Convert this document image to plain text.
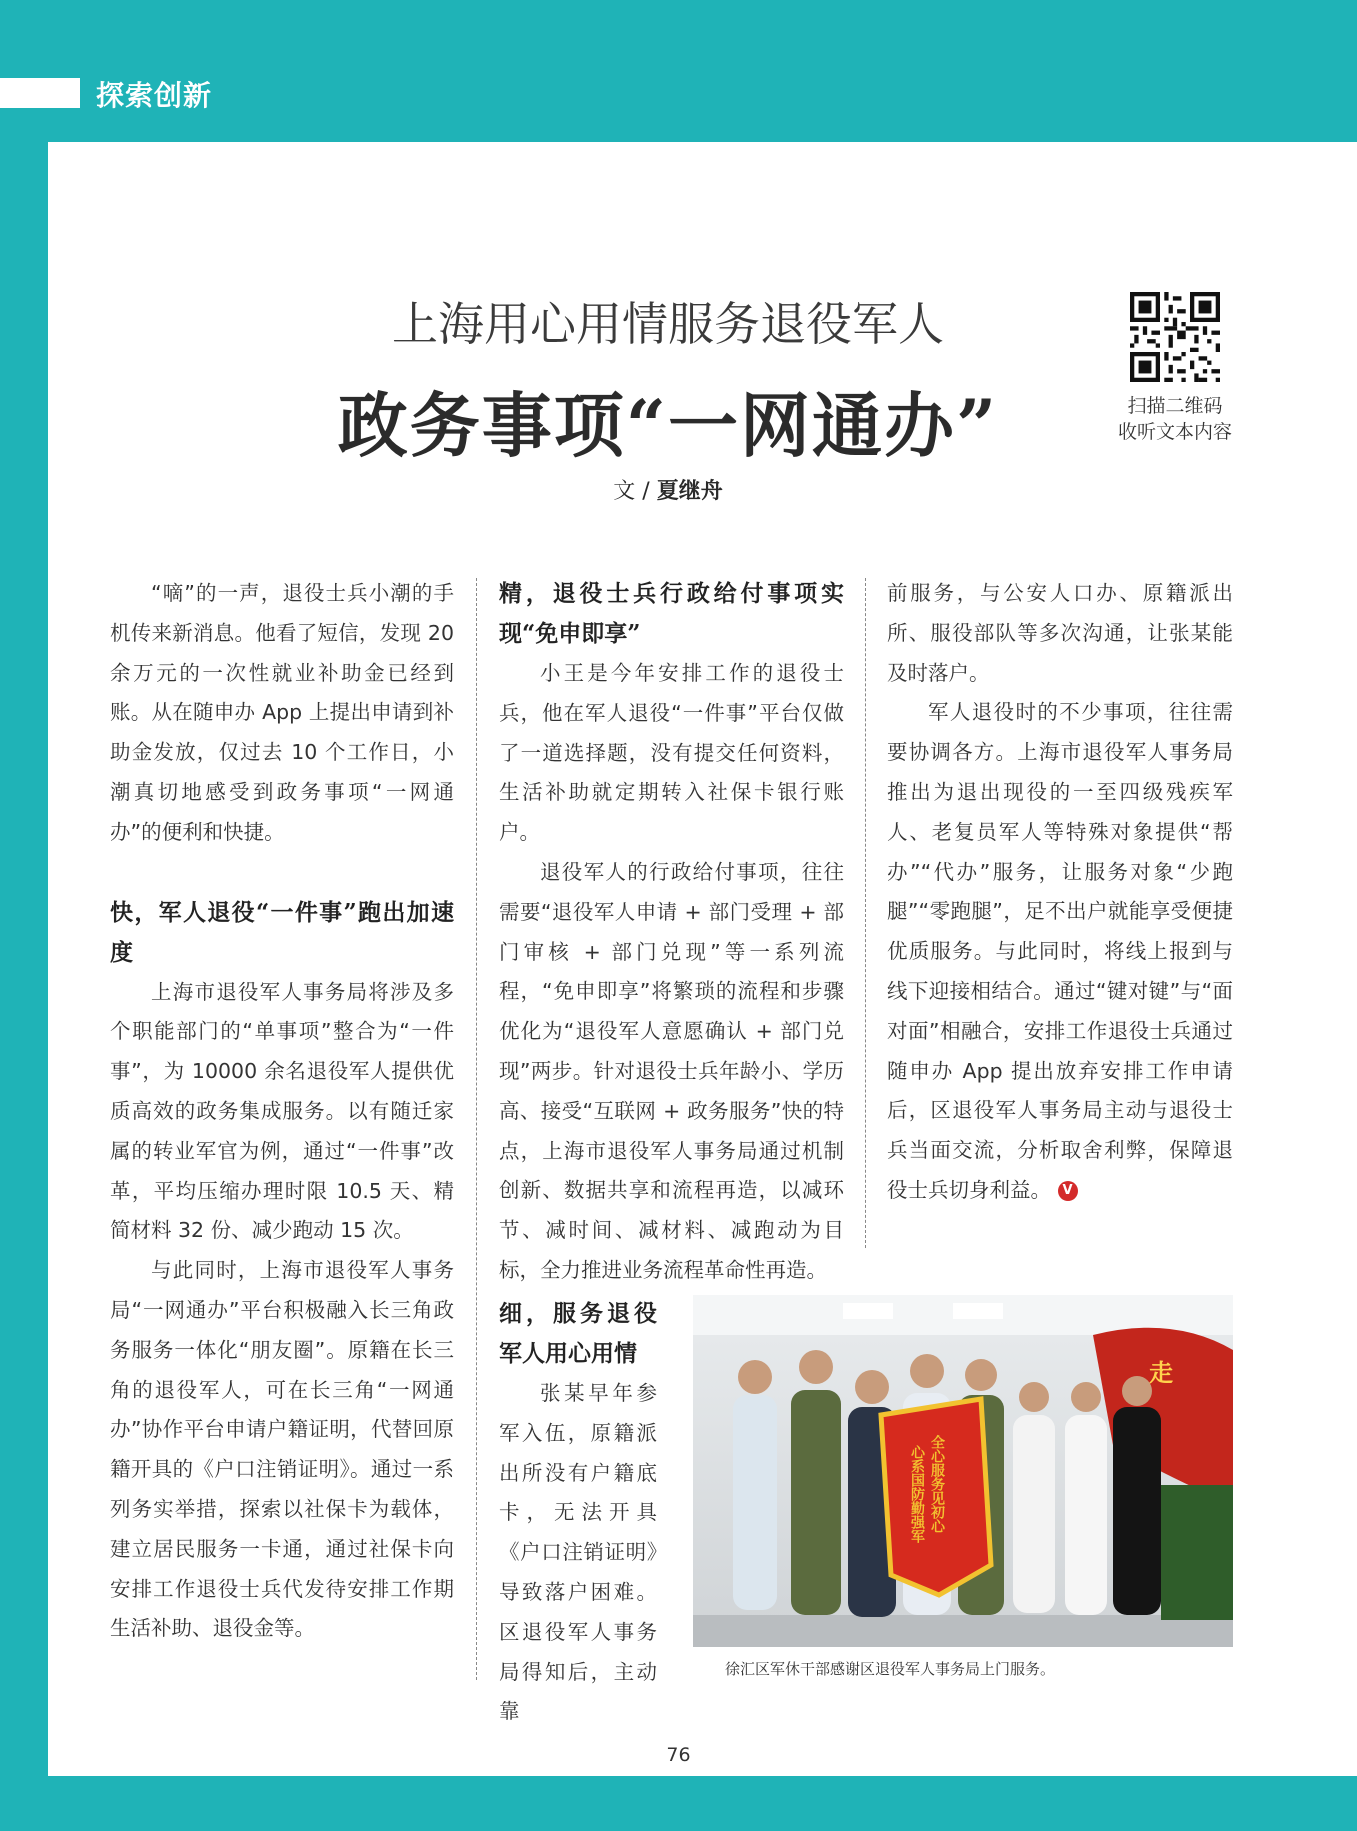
探索创新
上海用心用情服务退役军人
政务事项“一网通办”
文 / 夏继舟
扫描二维码
收听文本内容

“嘀”的一声，退役士兵小潮的手机传来新消息。他看了短信，发现 20 余万元的一次性就业补助金已经到账。从在随申办 App 上提出申请到补助金发放，仅过去 10 个工作日，小潮真切地感受到政务事项“一网通办”的便利和快捷。

快，军人退役“一件事”跑出加速度

上海市退役军人事务局将涉及多个职能部门的“单事项”整合为“一件事”，为 10000 余名退役军人提供优质高效的政务集成服务。以有随迁家属的转业军官为例，通过“一件事”改革，平均压缩办理时限 10.5 天、精简材料 32 份、减少跑动 15 次。

与此同时，上海市退役军人事务局“一网通办”平台积极融入长三角政务服务一体化“朋友圈”。原籍在长三角的退役军人，可在长三角“一网通办”协作平台申请户籍证明，代替回原籍开具的《户口注销证明》。通过一系列务实举措，探索以社保卡为载体，建立居民服务一卡通，通过社保卡向安排工作退役士兵代发待安排工作期生活补助、退役金等。

精，退役士兵行政给付事项实现“免申即享”

小王是今年安排工作的退役士兵，他在军人退役“一件事”平台仅做了一道选择题，没有提交任何资料，生活补助就定期转入社保卡银行账户。

退役军人的行政给付事项，往往需要“退役军人申请 + 部门受理 + 部门审核 + 部门兑现”等一系列流程，“免申即享”将繁琐的流程和步骤优化为“退役军人意愿确认 + 部门兑现”两步。针对退役士兵年龄小、学历高、接受“互联网 + 政务服务”快的特点，上海市退役军人事务局通过机制创新、数据共享和流程再造，以减环节、减时间、减材料、减跑动为目标，全力推进业务流程革命性再造。

细，服务退役军人用心用情

张某早年参军入伍，原籍派出所没有户籍底卡，无法开具《户口注销证明》导致落户困难。区退役军人事务局得知后，主动靠

前服务，与公安人口办、原籍派出所、服役部队等多次沟通，让张某能及时落户。

军人退役时的不少事项，往往需要协调各方。上海市退役军人事务局推出为退出现役的一至四级残疾军人、老复员军人等特殊对象提供“帮办”“代办”服务，让服务对象“少跑腿”“零跑腿”，足不出户就能享受便捷优质服务。与此同时，将线上报到与线下迎接相结合。通过“键对键”与“面对面”相融合，安排工作退役士兵通过随申办 App 提出放弃安排工作申请后，区退役军人事务局主动与退役士兵当面交流，分析取舍利弊，保障退役士兵切身利益。 V

走
全心服务见初心
心系国防勤强军
徐汇区军休干部感谢区退役军人事务局上门服务。
76
